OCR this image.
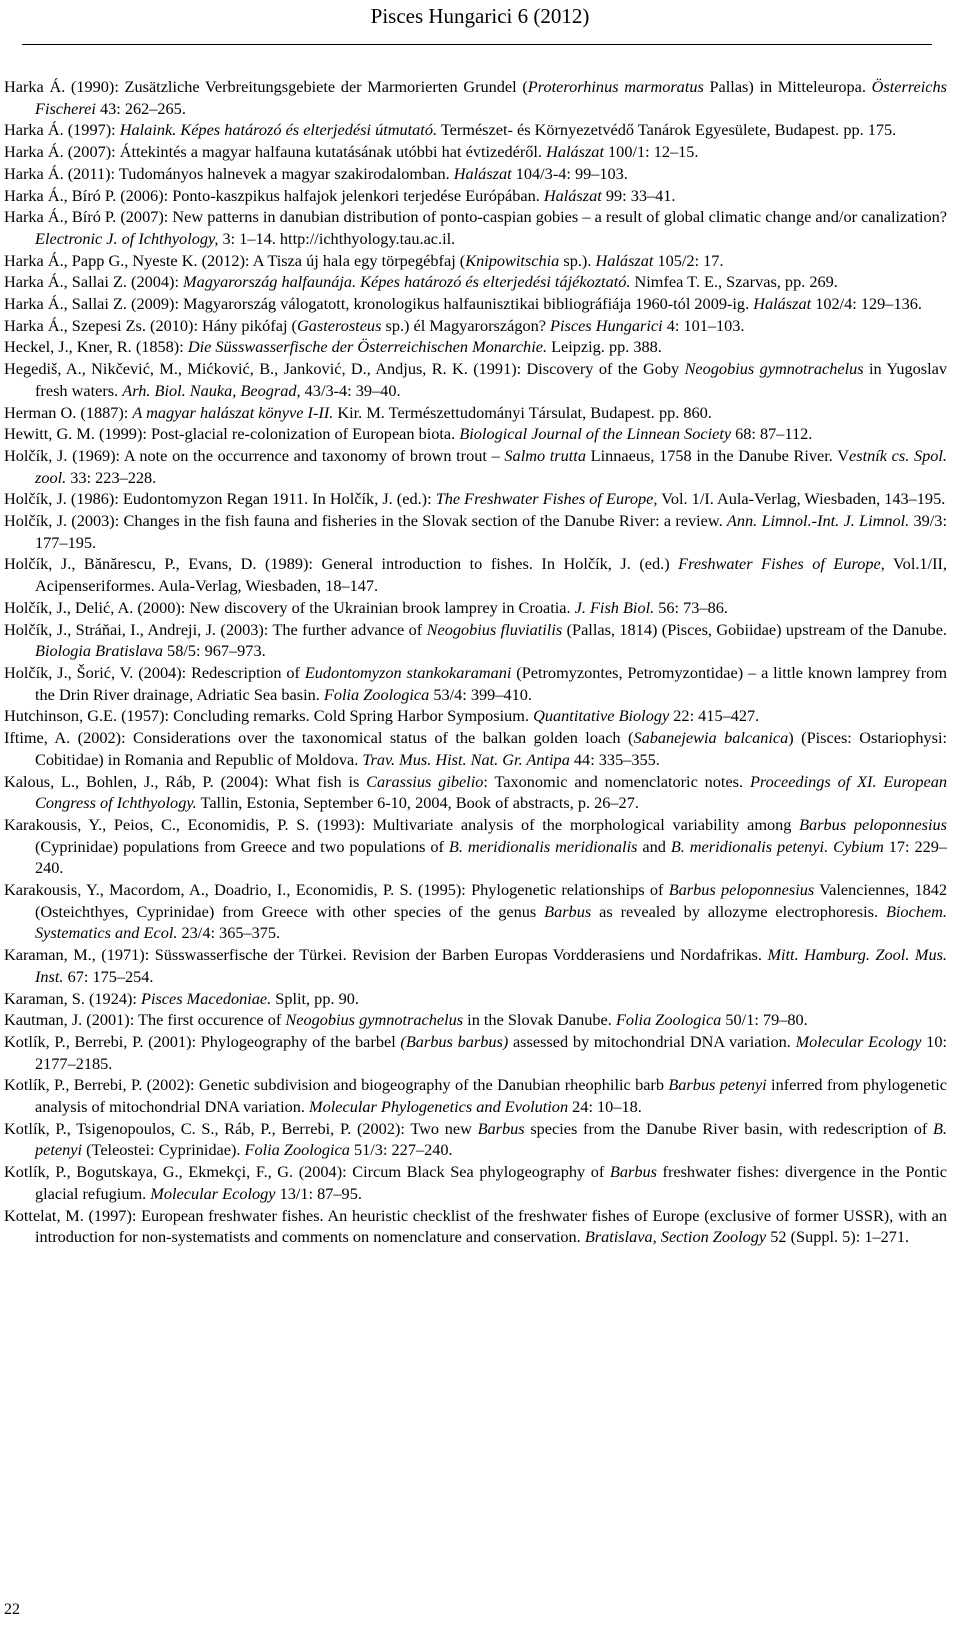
Pisces Hungarici 6 (2012)
Harka Á. (1990): Zusätzliche Verbreitungsgebiete der Marmorierten Grundel (Proterorhinus marmoratus Pallas) in Mitteleuropa. Österreichs Fischerei 43: 262–265.
Harka Á. (1997): Halaink. Képes határozó és elterjedési útmutató. Természet- és Környezetvédő Tanárok Egyesülete, Budapest. pp. 175.
Harka Á. (2007): Áttekintés a magyar halfauna kutatásának utóbbi hat évtizedéről. Halászat 100/1: 12–15.
Harka Á. (2011): Tudományos halnevek a magyar szakirodalomban. Halászat 104/3-4: 99–103.
Harka Á., Bíró P. (2006): Ponto-kaszpikus halfajok jelenkori terjedése Európában. Halászat 99: 33–41.
Harka Á., Bíró P. (2007): New patterns in danubian distribution of ponto-caspian gobies – a result of global climatic change and/or canalization? Electronic J. of Ichthyology, 3: 1–14. http://ichthyology.tau.ac.il.
Harka Á., Papp G., Nyeste K. (2012): A Tisza új hala egy törpegébfaj (Knipowitschia sp.). Halászat 105/2: 17.
Harka Á., Sallai Z. (2004): Magyarország halfaunája. Képes határozó és elterjedési tájékoztató. Nimfea T. E., Szarvas, pp. 269.
Harka Á., Sallai Z. (2009): Magyarország válogatott, kronologikus halfaunisztikai bibliográfiája 1960-tól 2009-ig. Halászat 102/4: 129–136.
Harka Á., Szepesi Zs. (2010): Hány pikófaj (Gasterosteus sp.) él Magyarországon? Pisces Hungarici 4: 101–103.
Heckel, J., Kner, R. (1858): Die Süsswasserfische der Österreichischen Monarchie. Leipzig. pp. 388.
Hegediš, A., Nikčević, M., Mićković, B., Janković, D., Andjus, R. K. (1991): Discovery of the Goby Neogobius gymnotrachelus in Yugoslav fresh waters. Arh. Biol. Nauka, Beograd, 43/3-4: 39–40.
Herman O. (1887): A magyar halászat könyve I-II. Kir. M. Természettudományi Társulat, Budapest. pp. 860.
Hewitt, G. M. (1999): Post-glacial re-colonization of European biota. Biological Journal of the Linnean Society 68: 87–112.
Holčík, J. (1969): A note on the occurrence and taxonomy of brown trout – Salmo trutta Linnaeus, 1758 in the Danube River. Vestník cs. Spol. zool. 33: 223–228.
Holčík, J. (1986): Eudontomyzon Regan 1911. In Holčík, J. (ed.): The Freshwater Fishes of Europe, Vol. 1/I. Aula-Verlag, Wiesbaden, 143–195.
Holčík, J. (2003): Changes in the fish fauna and fisheries in the Slovak section of the Danube River: a review. Ann. Limnol.-Int. J. Limnol. 39/3: 177–195.
Holčík, J., Bănărescu, P., Evans, D. (1989): General introduction to fishes. In Holčík, J. (ed.) Freshwater Fishes of Europe, Vol.1/II, Acipenseriformes. Aula-Verlag, Wiesbaden, 18–147.
Holčík, J., Delić, A. (2000): New discovery of the Ukrainian brook lamprey in Croatia. J. Fish Biol. 56: 73–86.
Holčík, J., Stráňai, I., Andreji, J. (2003): The further advance of Neogobius fluviatilis (Pallas, 1814) (Pisces, Gobiidae) upstream of the Danube. Biologia Bratislava 58/5: 967–973.
Holčík, J., Šorić, V. (2004): Redescription of Eudontomyzon stankokaramani (Petromyzontes, Petromyzontidae) – a little known lamprey from the Drin River drainage, Adriatic Sea basin. Folia Zoologica 53/4: 399–410.
Hutchinson, G.E. (1957): Concluding remarks. Cold Spring Harbor Symposium. Quantitative Biology 22: 415–427.
Iftime, A. (2002): Considerations over the taxonomical status of the balkan golden loach (Sabanejewia balcanica) (Pisces: Ostariophysi: Cobitidae) in Romania and Republic of Moldova. Trav. Mus. Hist. Nat. Gr. Antipa 44: 335–355.
Kalous, L., Bohlen, J., Ráb, P. (2004): What fish is Carassius gibelio: Taxonomic and nomenclatoric notes. Proceedings of XI. European Congress of Ichthyology. Tallin, Estonia, September 6-10, 2004, Book of abstracts, p. 26–27.
Karakousis, Y., Peios, C., Economidis, P. S. (1993): Multivariate analysis of the morphological variability among Barbus peloponnesius (Cyprinidae) populations from Greece and two populations of B. meridionalis meridionalis and B. meridionalis petenyi. Cybium 17: 229–240.
Karakousis, Y., Macordom, A., Doadrio, I., Economidis, P. S. (1995): Phylogenetic relationships of Barbus peloponnesius Valenciennes, 1842 (Osteichthyes, Cyprinidae) from Greece with other species of the genus Barbus as revealed by allozyme electrophoresis. Biochem. Systematics and Ecol. 23/4: 365–375.
Karaman, M., (1971): Süsswasserfische der Türkei. Revision der Barben Europas Vordderasiens und Nordafrikas. Mitt. Hamburg. Zool. Mus. Inst. 67: 175–254.
Karaman, S. (1924): Pisces Macedoniae. Split, pp. 90.
Kautman, J. (2001): The first occurence of Neogobius gymnotrachelus in the Slovak Danube. Folia Zoologica 50/1: 79–80.
Kotlík, P., Berrebi, P. (2001): Phylogeography of the barbel (Barbus barbus) assessed by mitochondrial DNA variation. Molecular Ecology 10: 2177–2185.
Kotlík, P., Berrebi, P. (2002): Genetic subdivision and biogeography of the Danubian rheophilic barb Barbus petenyi inferred from phylogenetic analysis of mitochondrial DNA variation. Molecular Phylogenetics and Evolution 24: 10–18.
Kotlík, P., Tsigenopoulos, C. S., Ráb, P., Berrebi, P. (2002): Two new Barbus species from the Danube River basin, with redescription of B. petenyi (Teleostei: Cyprinidae). Folia Zoologica 51/3: 227–240.
Kotlík, P., Bogutskaya, G., Ekmekçi, F., G. (2004): Circum Black Sea phylogeography of Barbus freshwater fishes: divergence in the Pontic glacial refugium. Molecular Ecology 13/1: 87–95.
Kottelat, M. (1997): European freshwater fishes. An heuristic checklist of the freshwater fishes of Europe (exclusive of former USSR), with an introduction for non-systematists and comments on nomenclature and conservation. Bratislava, Section Zoology 52 (Suppl. 5): 1–271.
22
